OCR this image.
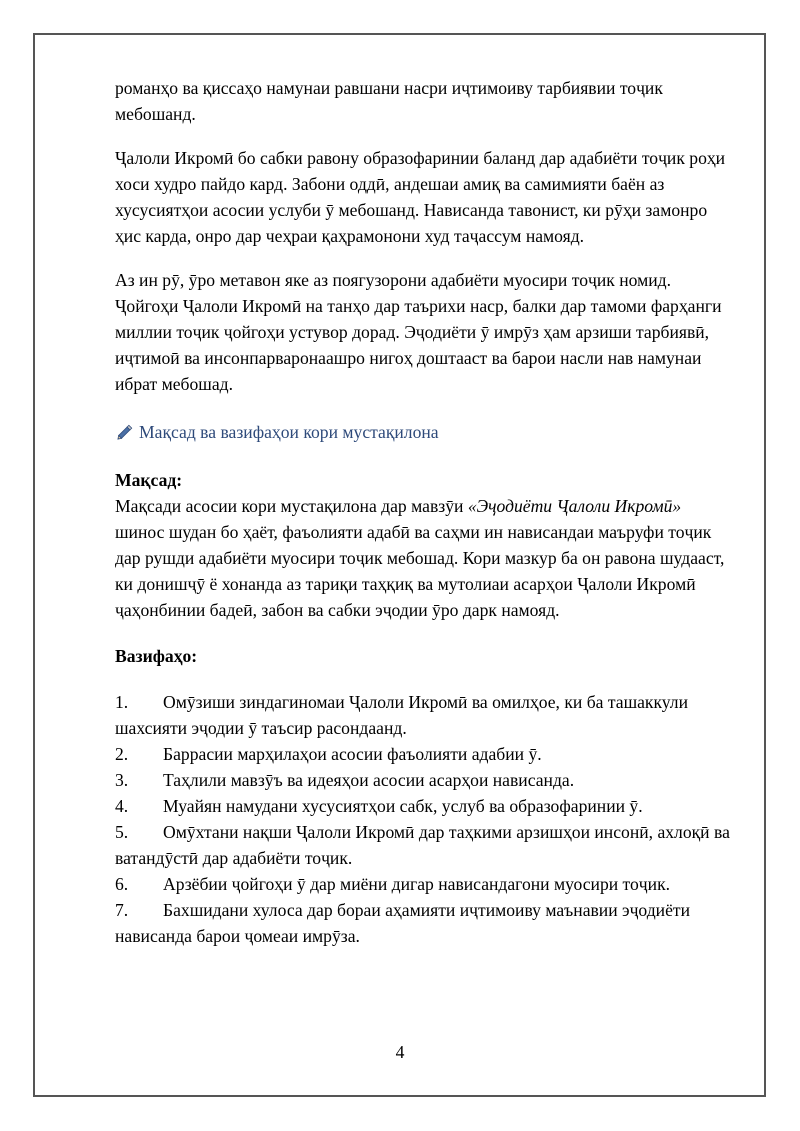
романҳо ва қиссаҳо намунаи равшани насри иҷтимоиву тарбиявии тоҷик мебошанд.

Ҷалоли Икромӣ бо сабки равону образофаринии баланд дар адабиёти тоҷик роҳи хоси худро пайдо кард. Забони оддӣ, андешаи амиқ ва самимияти баён аз хусусиятҳои асосии услуби ӯ мебошанд. Нависанда тавонист, ки рӯҳи замонро ҳис карда, онро дар чеҳраи қаҳрамонони худ таҷассум намояд.

Аз ин рӯ, ӯро метавон яке аз поягузорони адабиёти муосири тоҷик номид. Ҷойгоҳи Ҷалоли Икромӣ на танҳо дар таърихи наср, балки дар тамоми фарҳанги миллии тоҷик ҷойгоҳи устувор дорад. Эҷодиёти ӯ имрӯз ҳам арзиши тарбиявӣ, иҷтимоӣ ва инсонпарваронаашро нигоҳ доштааст ва барои насли нав намунаи ибрат мебошад.

Мақсад ва вазифаҳои кори мустақилона

Мақсад:

Мақсади асосии кори мустақилона дар мавзӯи «Эҷодиёти Ҷалоли Икромӣ» шинос шудан бо ҳаёт, фаъолияти адабӣ ва саҳми ин нависандаи маъруфи тоҷик дар рушди адабиёти муосири тоҷик мебошад. Кори мазкур ба он равона шудааст, ки донишҷӯ ё хонанда аз тариқи таҳқиқ ва мутолиаи асарҳои Ҷалоли Икромӣ ҷаҳонбинии бадеӣ, забон ва сабки эҷодии ӯро дарк намояд.

Вазифаҳо:

1. Омӯзиши зиндагиномаи Ҷалоли Икромӣ ва омилҳое, ки ба ташаккули шахсияти эҷодии ӯ таъсир расондаанд.
2. Баррасии марҳилаҳои асосии фаъолияти адабии ӯ.
3. Таҳлили мавзӯъ ва идеяҳои асосии асарҳои нависанда.
4. Муайян намудани хусусиятҳои сабк, услуб ва образофаринии ӯ.
5. Омӯхтани нақши Ҷалоли Икромӣ дар таҳкими арзишҳои инсонӣ, ахлоқӣ ва ватандӯстӣ дар адабиёти тоҷик.
6. Арзёбии ҷойгоҳи ӯ дар миёни дигар нависандагони муосири тоҷик.
7. Бахшидани хулоса дар бораи аҳамияти иҷтимоиву маънавии эҷодиёти нависанда барои ҷомеаи имрӯза.
4
